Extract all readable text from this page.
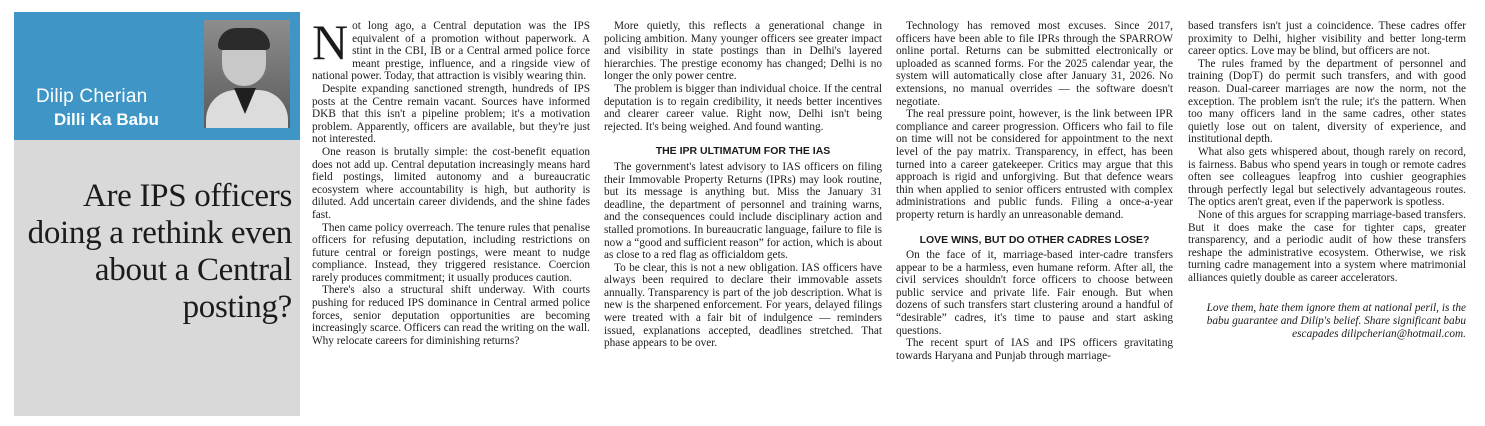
Dilip Cherian
Dilli Ka Babu
Are IPS officers doing a rethink even about a Central posting?

Not long ago, a Central deputation was the IPS equivalent of a promotion without paperwork. A stint in the CBI, IB or a Central armed police force meant prestige, influence, and a ringside view of national power. Today, that attraction is visibly wearing thin.

Despite expanding sanctioned strength, hundreds of IPS posts at the Centre remain vacant. Sources have informed DKB that this isn't a pipeline problem; it's a motivation problem. Apparently, officers are available, but they're just not interested.

One reason is brutally simple: the cost-benefit equation does not add up. Central deputation increasingly means hard field postings, limited autonomy and a bureaucratic ecosystem where accountability is high, but authority is diluted. Add uncertain career dividends, and the shine fades fast.

Then came policy overreach. The tenure rules that penalise officers for refusing deputation, including restrictions on future central or foreign postings, were meant to nudge compliance. Instead, they triggered resistance. Coercion rarely produces commitment; it usually produces caution.

There's also a structural shift underway. With courts pushing for reduced IPS dominance in Central armed police forces, senior deputation opportunities are becoming increasingly scarce. Officers can read the writing on the wall. Why relocate careers for diminishing returns?

More quietly, this reflects a generational change in policing ambition. Many younger officers see greater impact and visibility in state postings than in Delhi's layered hierarchies. The prestige economy has changed; Delhi is no longer the only power centre.

The problem is bigger than individual choice. If the central deputation is to regain credibility, it needs better incentives and clearer career value. Right now, Delhi isn't being rejected. It's being weighed. And found wanting.

THE IPR ULTIMATUM FOR THE IAS

The government's latest advisory to IAS officers on filing their Immovable Property Returns (IPRs) may look routine, but its message is anything but. Miss the January 31 deadline, the department of personnel and training warns, and the consequences could include disciplinary action and stalled promotions. In bureaucratic language, failure to file is now a “good and sufficient reason” for action, which is about as close to a red flag as officialdom gets.

To be clear, this is not a new obligation. IAS officers have always been required to declare their immovable assets annually. Transparency is part of the job description. What is new is the sharpened enforcement. For years, delayed filings were treated with a fair bit of indulgence — reminders issued, explanations accepted, deadlines stretched. That phase appears to be over.

Technology has removed most excuses. Since 2017, officers have been able to file IPRs through the SPARROW online portal. Returns can be submitted electronically or uploaded as scanned forms. For the 2025 calendar year, the system will automatically close after January 31, 2026. No extensions, no manual overrides — the software doesn't negotiate.

The real pressure point, however, is the link between IPR compliance and career progression. Officers who fail to file on time will not be considered for appointment to the next level of the pay matrix. Transparency, in effect, has been turned into a career gatekeeper. Critics may argue that this approach is rigid and unforgiving. But that defence wears thin when applied to senior officers entrusted with complex administrations and public funds. Filing a once-a-year property return is hardly an unreasonable demand.

LOVE WINS, BUT DO OTHER CADRES LOSE?

On the face of it, marriage-based inter-cadre transfers appear to be a harmless, even humane reform. After all, the civil services shouldn't force officers to choose between public service and private life. Fair enough. But when dozens of such transfers start clustering around a handful of “desirable” cadres, it's time to pause and start asking questions.

The recent spurt of IAS and IPS officers gravitating towards Haryana and Punjab through marriage-

based transfers isn't just a coincidence. These cadres offer proximity to Delhi, higher visibility and better long-term career optics. Love may be blind, but officers are not.

The rules framed by the department of personnel and training (DopT) do permit such transfers, and with good reason. Dual-career marriages are now the norm, not the exception. The problem isn't the rule; it's the pattern. When too many officers land in the same cadres, other states quietly lose out on talent, diversity of experience, and institutional depth.

What also gets whispered about, though rarely on record, is fairness. Babus who spend years in tough or remote cadres often see colleagues leapfrog into cushier geographies through perfectly legal but selectively advantageous routes. The optics aren't great, even if the paperwork is spotless.

None of this argues for scrapping marriage-based transfers. But it does make the case for tighter caps, greater transparency, and a periodic audit of how these transfers reshape the administrative ecosystem. Otherwise, we risk turning cadre management into a system where matrimonial alliances quietly double as career accelerators.

Love them, hate them ignore them at national peril, is the babu guarantee and Dilip's belief. Share significant babu escapades dilipcherian@hotmail.com.
